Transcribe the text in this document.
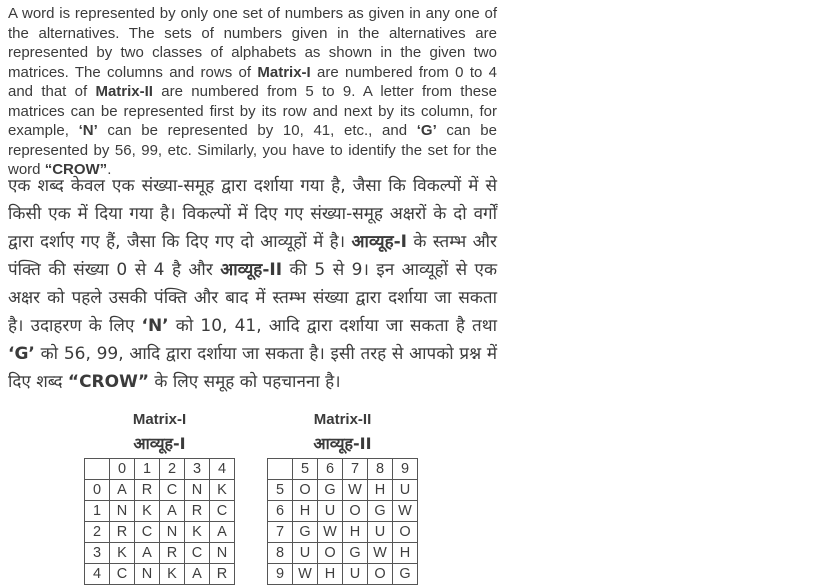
A word is represented by only one set of numbers as given in any one of the alternatives. The sets of numbers given in the alternatives are represented by two classes of alphabets as shown in the given two matrices. The columns and rows of Matrix-I are numbered from 0 to 4 and that of Matrix-II are numbered from 5 to 9. A letter from these matrices can be represented first by its row and next by its column, for example, ‘N’ can be represented by 10, 41, etc., and ‘G’ can be represented by 56, 99, etc. Similarly, you have to identify the set for the word “CROW”.

एक शब्द केवल एक संख्या-समूह द्वारा दर्शाया गया है, जैसा कि विकल्पों में से किसी एक में दिया गया है। विकल्पों में दिए गए संख्या-समूह अक्षरों के दो वर्गों द्वारा दर्शाए गए हैं, जैसा कि दिए गए दो आव्यूहों में है। आव्यूह-I के स्तम्भ और पंक्ति की संख्या 0 से 4 है और आव्यूह-II की 5 से 9। इन आव्यूहों से एक अक्षर को पहले उसकी पंक्ति और बाद में स्तम्भ संख्या द्वारा दर्शाया जा सकता है। उदाहरण के लिए ‘N’ को 10, 41, आदि द्वारा दर्शाया जा सकता है तथा ‘G’ को 56, 99, आदि द्वारा दर्शाया जा सकता है। इसी तरह से आपको प्रश्न में दिए शब्द “CROW” के लिए समूह को पहचानना है।

Matrix-I
आव्यूह-I
Matrix-II
आव्यूह-II
	0	1	2	3	4
0	A	R	C	N	K
1	N	K	A	R	C
2	R	C	N	K	A
3	K	A	R	C	N
4	C	N	K	A	R
	5	6	7	8	9
5	O	G	W	H	U
6	H	U	O	G	W
7	G	W	H	U	O
8	U	O	G	W	H
9	W	H	U	O	G
